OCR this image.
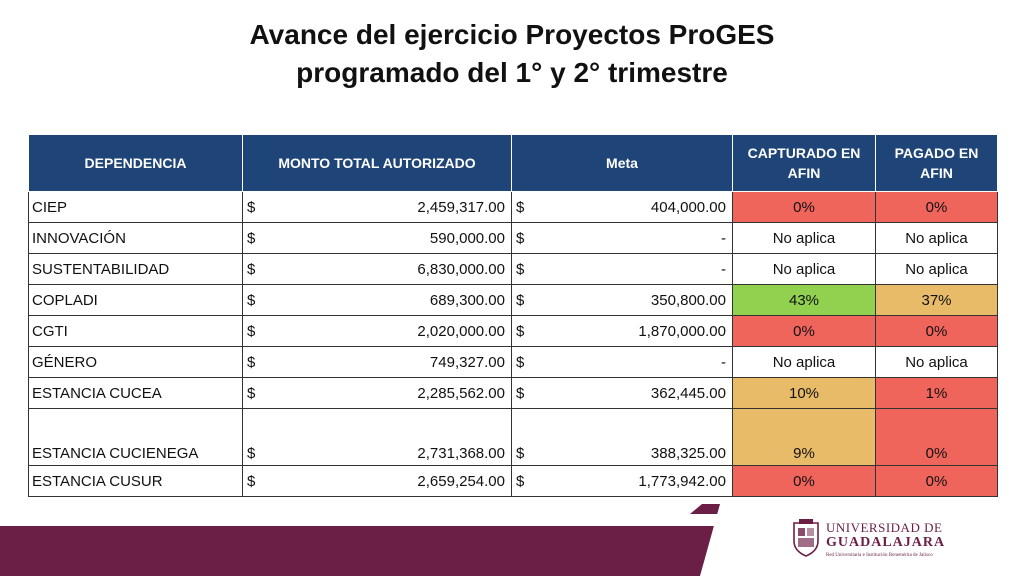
Avance del ejercicio Proyectos ProGES
programado del 1° y 2° trimestre
DEPENDENCIA	MONTO TOTAL AUTORIZADO	Meta	CAPTURADO EN AFIN	PAGADO EN AFIN
CIEP	$ 2,459,317.00	$ 404,000.00	0%	0%
INNOVACIÓN	$ 590,000.00	$ -	No aplica	No aplica
SUSTENTABILIDAD	$ 6,830,000.00	$ -	No aplica	No aplica
COPLADI	$ 689,300.00	$ 350,800.00	43%	37%
CGTI	$ 2,020,000.00	$ 1,870,000.00	0%	0%
GÉNERO	$ 749,327.00	$ -	No aplica	No aplica
ESTANCIA CUCEA	$ 2,285,562.00	$ 362,445.00	10%	1%
ESTANCIA CUCIENEGA	$ 2,731,368.00	$ 388,325.00	9%	0%
ESTANCIA CUSUR	$ 2,659,254.00	$ 1,773,942.00	0%	0%
UNIVERSIDAD DE
GUADALAJARA
Red Universitaria e Institución Benemérita de Jalisco
